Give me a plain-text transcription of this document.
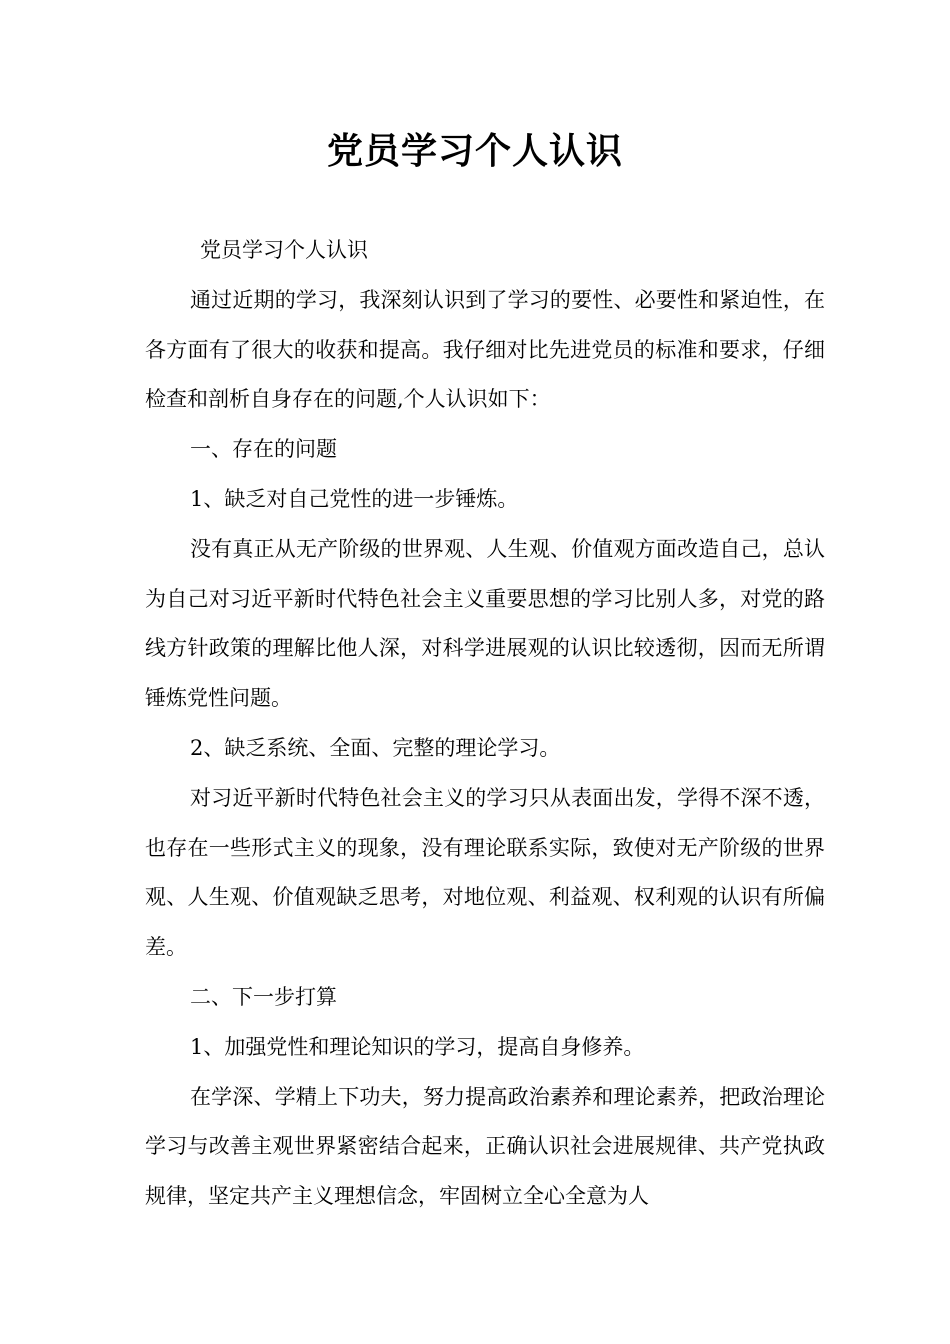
党员学习个人认识

党员学习个人认识

通过近期的学习，我深刻认识到了学习的要性、必要性和紧迫性，在各方面有了很大的收获和提高。我仔细对比先进党员的标准和要求，仔细检查和剖析自身存在的问题,个人认识如下：

一、存在的问题

1、缺乏对自己党性的进一步锤炼。

没有真正从无产阶级的世界观、人生观、价值观方面改造自己，总认为自己对习近平新时代特色社会主义重要思想的学习比别人多，对党的路线方针政策的理解比他人深，对科学进展观的认识比较透彻，因而无所谓锤炼党性问题。

2、缺乏系统、全面、完整的理论学习。

对习近平新时代特色社会主义的学习只从表面出发，学得不深不透，也存在一些形式主义的现象，没有理论联系实际，致使对无产阶级的世界观、人生观、价值观缺乏思考，对地位观、利益观、权利观的认识有所偏差。

二、下一步打算

1、加强党性和理论知识的学习，提高自身修养。

在学深、学精上下功夫，努力提高政治素养和理论素养，把政治理论学习与改善主观世界紧密结合起来，正确认识社会进展规律、共产党执政规律，坚定共产主义理想信念，牢固树立全心全意为人
